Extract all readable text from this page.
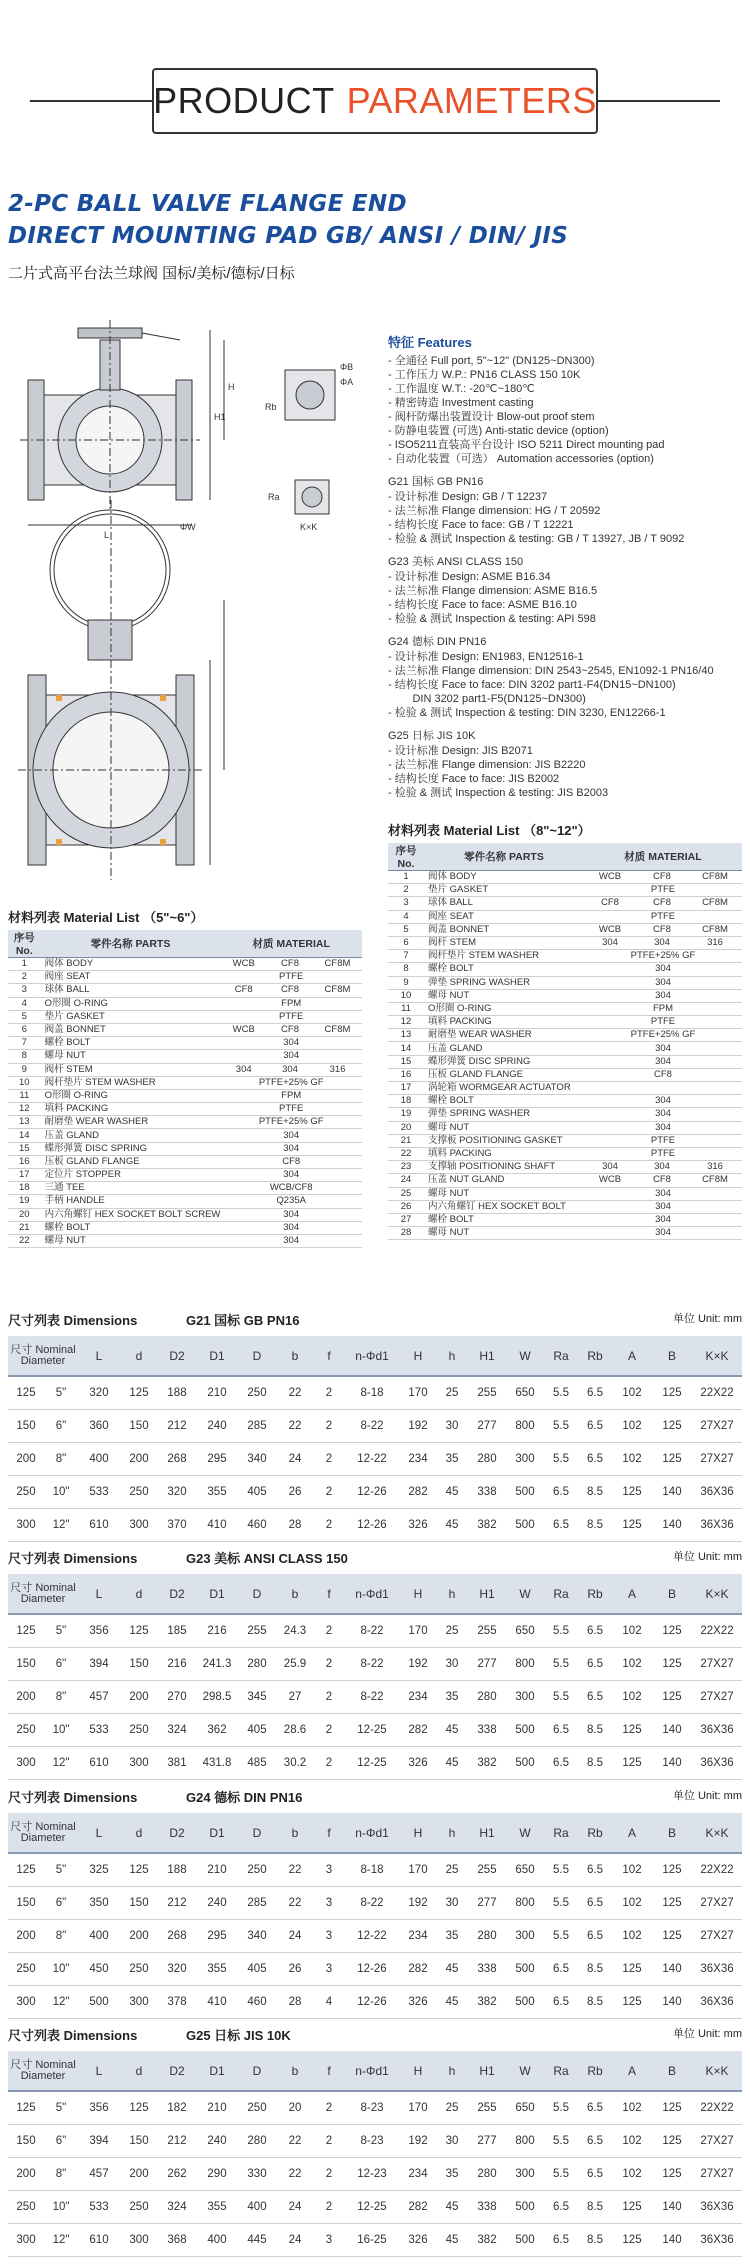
PRODUCT PARAMETERS
2-PC BALL VALVE FLANGE END
DIRECT MOUNTING PAD GB/ ANSI / DIN/ JIS
二片式高平台法兰球阀 国标/美标/德标/日标
L
H1
H
ΦB
ΦA
ΦW
Rb
Ra
K×K
特征 Features
- 全通径 Full port, 5"~12" (DN125~DN300)
- 工作压力 W.P.: PN16 CLASS 150 10K
- 工作温度 W.T.: -20℃~180℃
- 精密铸造 Investment casting
- 阀杆防爆出装置设计 Blow-out proof stem
- 防静电装置 (可选) Anti-static device (option)
- ISO5211直装高平台设计 ISO 5211 Direct mounting pad
- 自动化装置（可选） Automation accessories (option)
G21 国标 GB PN16
- 设计标准 Design: GB / T 12237
- 法兰标准 Flange dimension: HG / T 20592
- 结构长度 Face to face: GB / T 12221
- 检验 & 测试 Inspection & testing: GB / T 13927, JB / T 9092
G23 美标 ANSI CLASS 150
- 设计标准 Design: ASME B16.34
- 法兰标准 Flange dimension: ASME B16.5
- 结构长度 Face to face: ASME B16.10
- 检验 & 测试 Inspection & testing: API 598
G24 德标 DIN PN16
- 设计标准 Design: EN1983, EN12516-1
- 法兰标准 Flange dimension: DIN 2543~2545, EN1092-1 PN16/40
- 结构长度 Face to face: DIN 3202 part1-F4(DN15~DN100)
DIN 3202 part1-F5(DN125~DN300)
- 检验 & 测试 Inspection & testing: DIN 3230, EN12266-1
G25 日标 JIS 10K
- 设计标准 Design: JIS B2071
- 法兰标准 Flange dimension: JIS B2220
- 结构长度 Face to face: JIS B2002
- 检验 & 测试 Inspection & testing: JIS B2003
材料列表 Material List （8"~12"）
序号 No.	零件名称 PARTS	材质 MATERIAL		
1	阀体 BODY	WCB	CF8	CF8M
2	垫片 GASKET	PTFE		
3	球体 BALL	CF8	CF8	CF8M
4	阀座 SEAT	PTFE		
5	阀盖 BONNET	WCB	CF8	CF8M
6	阀杆 STEM	304	304	316
7	阀杆垫片 STEM WASHER	PTFE+25% GF		
8	螺栓 BOLT	304		
9	弹垫 SPRING WASHER	304		
10	螺母 NUT	304		
11	O形圈 O-RING	FPM		
12	填料 PACKING	PTFE		
13	耐磨垫 WEAR WASHER	PTFE+25% GF		
14	压盖 GLAND	304		
15	蝶形弹簧 DISC SPRING	304		
16	压板 GLAND FLANGE	CF8		
17	涡轮箱 WORMGEAR ACTUATOR			
18	螺栓 BOLT	304		
19	弹垫 SPRING WASHER	304		
20	螺母 NUT	304		
21	支撑板 POSITIONING GASKET	PTFE		
22	填料 PACKING	PTFE		
23	支撑轴 POSITIONING SHAFT	304	304	316
24	压盖 NUT GLAND	WCB	CF8	CF8M
25	螺母 NUT	304		
26	内六角螺钉 HEX SOCKET BOLT	304		
27	螺栓 BOLT	304		
28	螺母 NUT	304		
材料列表 Material List （5"~6"）
序号 No.	零件名称 PARTS	材质 MATERIAL		
1	阀体 BODY	WCB	CF8	CF8M
2	阀座 SEAT	PTFE		
3	球体 BALL	CF8	CF8	CF8M
4	O形圈 O-RING	FPM		
5	垫片 GASKET	PTFE		
6	阀盖 BONNET	WCB	CF8	CF8M
7	螺栓 BOLT	304		
8	螺母 NUT	304		
9	阀杆 STEM	304	304	316
10	阀杆垫片 STEM WASHER	PTFE+25% GF		
11	O形圈 O-RING	FPM		
12	填料 PACKING	PTFE		
13	耐磨垫 WEAR WASHER	PTFE+25% GF		
14	压盖 GLAND	304		
15	蝶形弹簧 DISC SPRING	304		
16	压板 GLAND FLANGE	CF8		
17	定位片 STOPPER	304		
18	三通 TEE	WCB/CF8		
19	手柄 HANDLE	Q235A		
20	内六角螺钉 HEX SOCKET BOLT SCREW	304		
21	螺栓 BOLT	304		
22	螺母 NUT	304		
尺寸列表 Dimensions	G21 国标 GB PN16	单位 Unit: mm
尺寸 Nominal Diameter		L	d	D2	D1	D	b	f	n-Φd1	H	h	H1	W	Ra	Rb	A	B	K×K
125	5"	320	125	188	210	250	22	2	8-18	170	25	255	650	5.5	6.5	102	125	22X22
150	6"	360	150	212	240	285	22	2	8-22	192	30	277	800	5.5	6.5	102	125	27X27
200	8"	400	200	268	295	340	24	2	12-22	234	35	280	300	5.5	6.5	102	125	27X27
250	10"	533	250	320	355	405	26	2	12-26	282	45	338	500	6.5	8.5	125	140	36X36
300	12"	610	300	370	410	460	28	2	12-26	326	45	382	500	6.5	8.5	125	140	36X36
尺寸列表 Dimensions	G23 美标 ANSI CLASS 150	单位 Unit: mm
尺寸 Nominal Diameter		L	d	D2	D1	D	b	f	n-Φd1	H	h	H1	W	Ra	Rb	A	B	K×K
125	5"	356	125	185	216	255	24.3	2	8-22	170	25	255	650	5.5	6.5	102	125	22X22
150	6"	394	150	216	241.3	280	25.9	2	8-22	192	30	277	800	5.5	6.5	102	125	27X27
200	8"	457	200	270	298.5	345	27	2	8-22	234	35	280	300	5.5	6.5	102	125	27X27
250	10"	533	250	324	362	405	28.6	2	12-25	282	45	338	500	6.5	8.5	125	140	36X36
300	12"	610	300	381	431.8	485	30.2	2	12-25	326	45	382	500	6.5	8.5	125	140	36X36
尺寸列表 Dimensions	G24 德标 DIN PN16	单位 Unit: mm
尺寸 Nominal Diameter		L	d	D2	D1	D	b	f	n-Φd1	H	h	H1	W	Ra	Rb	A	B	K×K
125	5"	325	125	188	210	250	22	3	8-18	170	25	255	650	5.5	6.5	102	125	22X22
150	6"	350	150	212	240	285	22	3	8-22	192	30	277	800	5.5	6.5	102	125	27X27
200	8"	400	200	268	295	340	24	3	12-22	234	35	280	300	5.5	6.5	102	125	27X27
250	10"	450	250	320	355	405	26	3	12-26	282	45	338	500	6.5	8.5	125	140	36X36
300	12"	500	300	378	410	460	28	4	12-26	326	45	382	500	6.5	8.5	125	140	36X36
尺寸列表 Dimensions	G25 日标 JIS 10K	单位 Unit: mm
尺寸 Nominal Diameter		L	d	D2	D1	D	b	f	n-Φd1	H	h	H1	W	Ra	Rb	A	B	K×K
125	5"	356	125	182	210	250	20	2	8-23	170	25	255	650	5.5	6.5	102	125	22X22
150	6"	394	150	212	240	280	22	2	8-23	192	30	277	800	5.5	6.5	102	125	27X27
200	8"	457	200	262	290	330	22	2	12-23	234	35	280	300	5.5	6.5	102	125	27X27
250	10"	533	250	324	355	400	24	2	12-25	282	45	338	500	6.5	8.5	125	140	36X36
300	12"	610	300	368	400	445	24	3	16-25	326	45	382	500	6.5	8.5	125	140	36X36
